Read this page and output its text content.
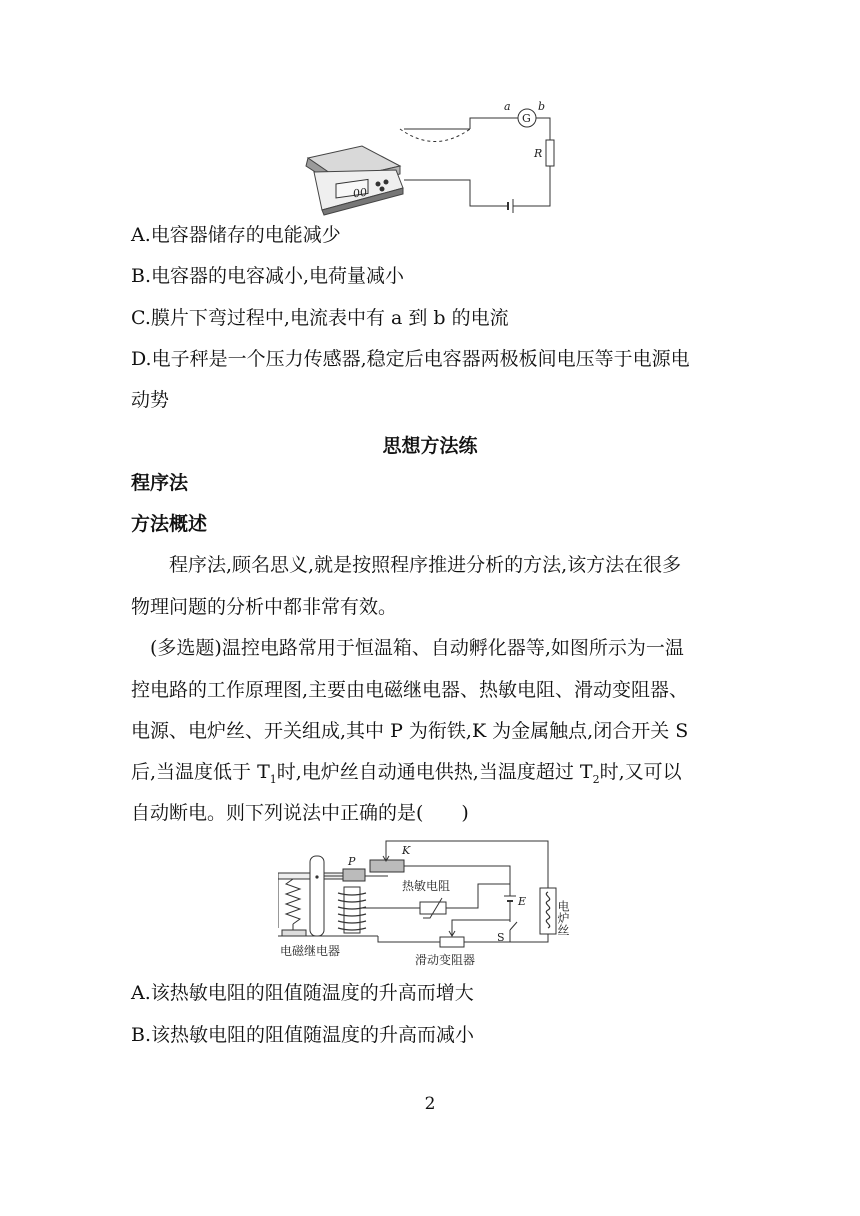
00
G
a b
R
A.电容器储存的电能减少
B.电容器的电容减小,电荷量减小
C.膜片下弯过程中,电流表中有 a 到 b 的电流
D.电子秤是一个压力传感器,稳定后电容器两极板间电压等于电源电
动势
思想方法练
程序法
方法概述
　　程序法,顾名思义,就是按照程序推进分析的方法,该方法在很多
物理问题的分析中都非常有效。
　(多选题)温控电路常用于恒温箱、自动孵化器等,如图所示为一温
控电路的工作原理图,主要由电磁继电器、热敏电阻、滑动变阻器、
电源、电炉丝、开关组成,其中 P 为衔铁,K 为金属触点,闭合开关 S
后,当温度低于 $T_1$时,电炉丝自动通电供热,当温度超过 $T_2$时,又可以
自动断电。则下列说法中正确的是(　　)
P
电磁继电器
K
热敏电阻
E
S
滑动变阻器
电炉丝
A.该热敏电阻的阻值随温度的升高而增大
B.该热敏电阻的阻值随温度的升高而减小
2
